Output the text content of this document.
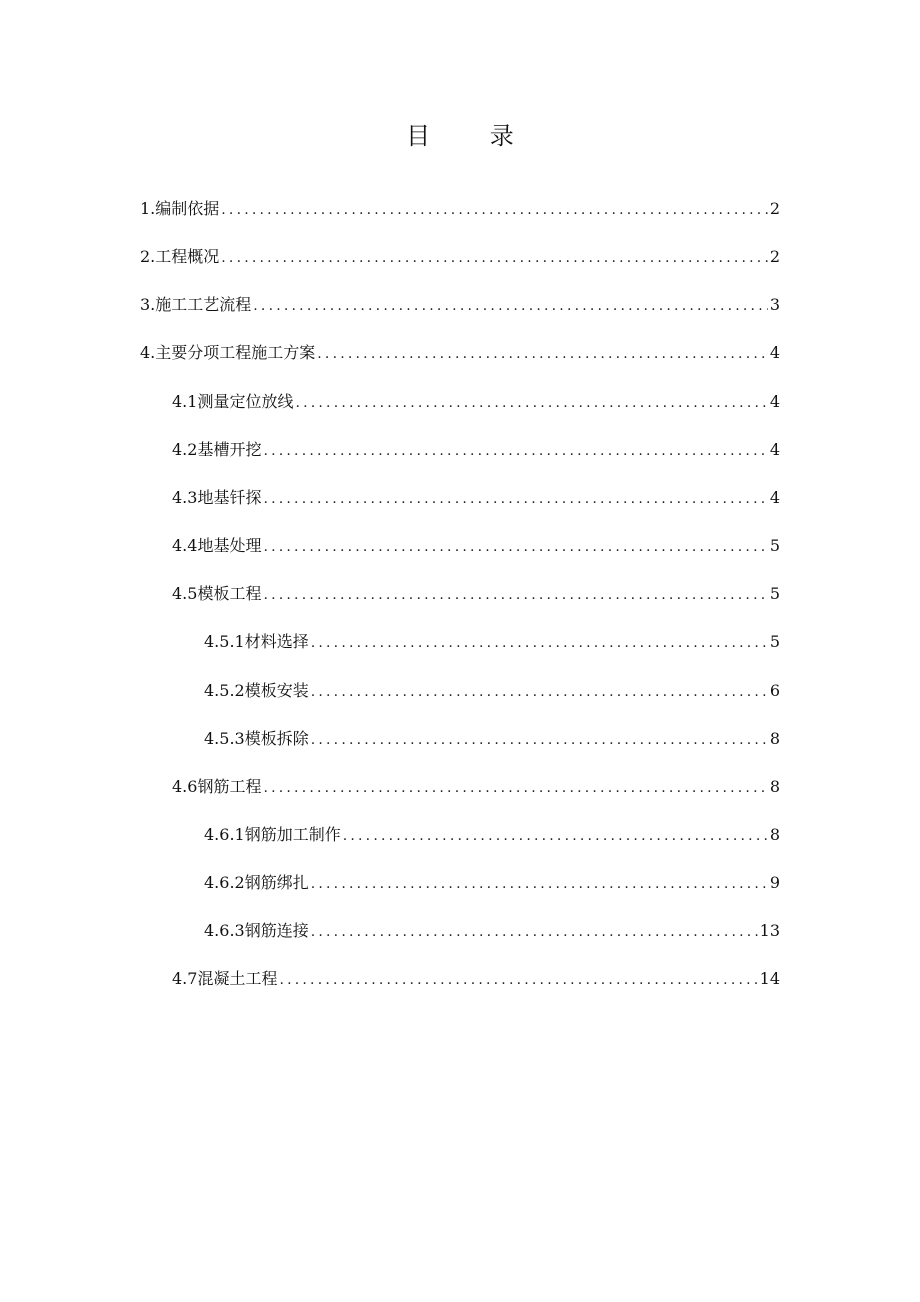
目 录
1.编制依据 .....	2
2.工程概况 .....	2
3.施工工艺流程 .....	3
4.主要分项工程施工方案 .....	4
4.1测量定位放线 .....	4
4.2基槽开挖 .....	4
4.3地基钎探 .....	4
4.4地基处理 .....	5
4.5模板工程 .....	5
4.5.1材料选择 .....	5
4.5.2模板安装 .....	6
4.5.3模板拆除 .....	8
4.6钢筋工程 .....	8
4.6.1钢筋加工制作 .....	8
4.6.2钢筋绑扎 .....	9
4.6.3钢筋连接 .....	13
4.7混凝土工程 .....	14
